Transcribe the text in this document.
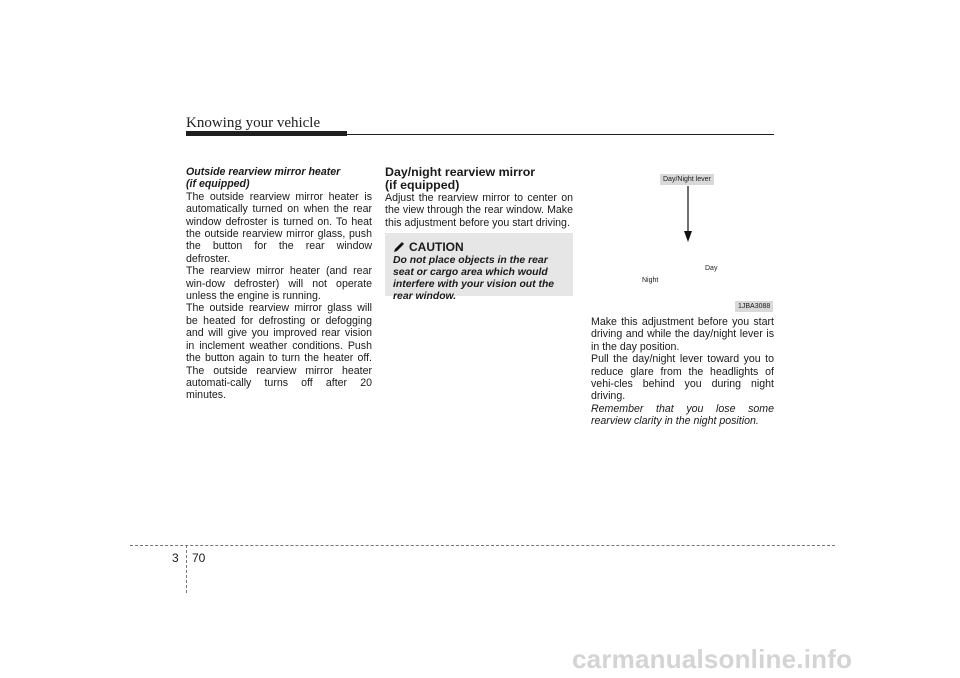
Knowing your vehicle

Outside rearview mirror heater

(if equipped)

The outside rearview mirror heater is automatically turned on when the rear window defroster is turned on. To heat the outside rearview mirror glass, push the button for the rear window defroster.

The rearview mirror heater (and rear win-dow defroster) will not operate unless the engine is running.

The outside rearview mirror glass will be heated for defrosting or defogging and will give you improved rear vision in inclement weather conditions. Push the button again to turn the heater off. The outside rearview mirror heater automati-cally turns off after 20 minutes.

Day/night rearview mirror

(if equipped)

Adjust the rearview mirror to center on the view through the rear window. Make this adjustment before you start driving.

CAUTION
Do not place objects in the rear seat or cargo area which would interfere with your vision out the rear window.
Day/Night lever
Day
Night
1JBA3088

Make this adjustment before you start driving and while the day/night lever is in the day position.

Pull the day/night lever toward you to reduce glare from the headlights of vehi-cles behind you during night driving.

Remember that you lose some rearview clarity in the night position.

3 70
carmanualsonline.info
